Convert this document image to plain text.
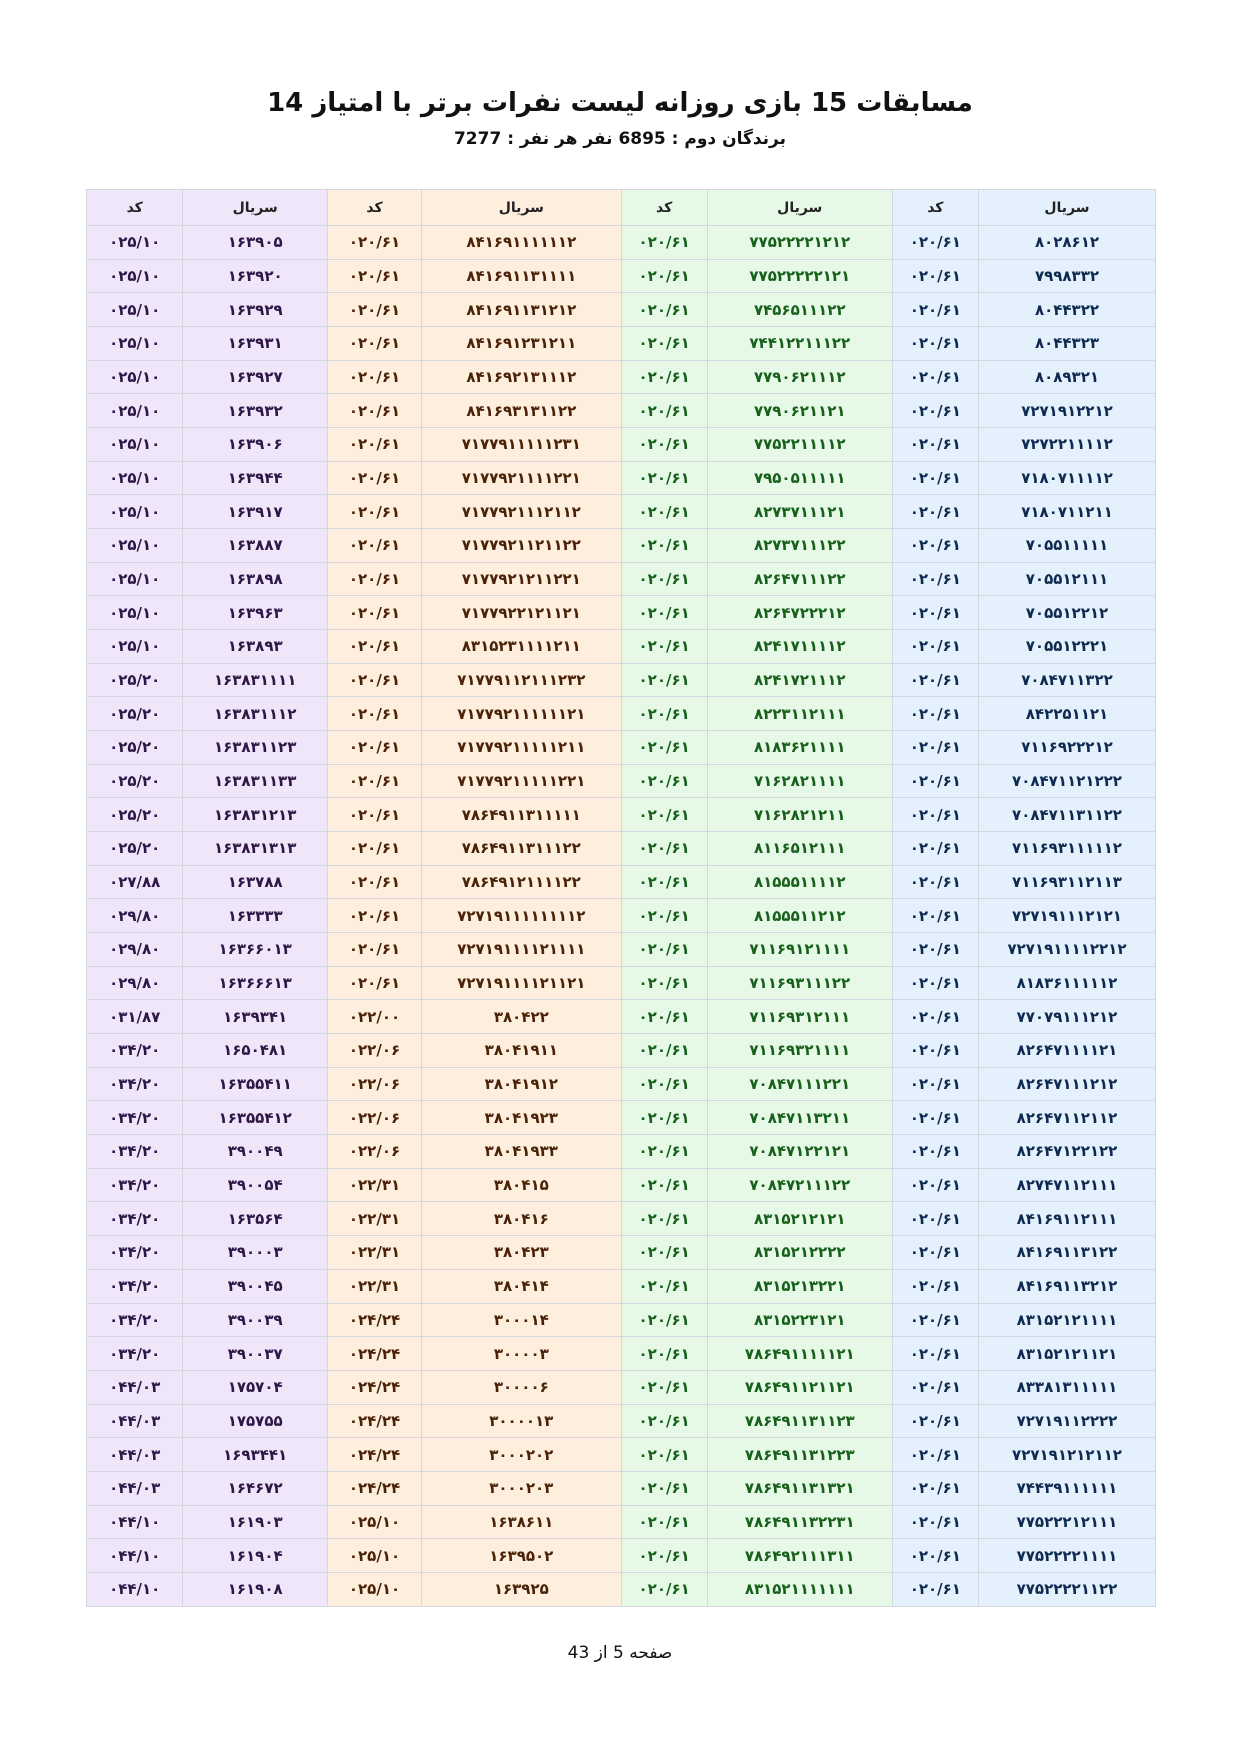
مسابقات 15 بازی روزانه لیست نفرات برتر با امتیاز 14
برندگان دوم : 6895 نفر هر نفر : 7277
سریال	کد	سریال	کد	سریال	کد	سریال	کد
۸۰۲۸۶۱۲	۰۲۰/۶۱	۷۷۵۲۲۲۲۱۲۱۲	۰۲۰/۶۱	۸۴۱۶۹۱۱۱۱۱۱۲	۰۲۰/۶۱	۱۶۳۹۰۵	۰۲۵/۱۰
۷۹۹۸۳۳۲	۰۲۰/۶۱	۷۷۵۲۲۲۲۲۱۲۱	۰۲۰/۶۱	۸۴۱۶۹۱۱۳۱۱۱۱	۰۲۰/۶۱	۱۶۳۹۲۰	۰۲۵/۱۰
۸۰۴۴۳۲۲	۰۲۰/۶۱	۷۴۵۶۵۱۱۱۲۲	۰۲۰/۶۱	۸۴۱۶۹۱۱۳۱۲۱۲	۰۲۰/۶۱	۱۶۳۹۲۹	۰۲۵/۱۰
۸۰۴۴۳۲۳	۰۲۰/۶۱	۷۴۴۱۲۲۱۱۱۲۲	۰۲۰/۶۱	۸۴۱۶۹۱۲۳۱۲۱۱	۰۲۰/۶۱	۱۶۳۹۳۱	۰۲۵/۱۰
۸۰۸۹۳۲۱	۰۲۰/۶۱	۷۷۹۰۶۲۱۱۱۲	۰۲۰/۶۱	۸۴۱۶۹۲۱۳۱۱۱۲	۰۲۰/۶۱	۱۶۳۹۲۷	۰۲۵/۱۰
۷۲۷۱۹۱۲۲۱۲	۰۲۰/۶۱	۷۷۹۰۶۲۱۱۲۱	۰۲۰/۶۱	۸۴۱۶۹۳۱۳۱۱۲۲	۰۲۰/۶۱	۱۶۳۹۳۲	۰۲۵/۱۰
۷۲۷۲۲۱۱۱۱۲	۰۲۰/۶۱	۷۷۵۲۲۱۱۱۱۲	۰۲۰/۶۱	۷۱۷۷۹۱۱۱۱۱۲۳۱	۰۲۰/۶۱	۱۶۳۹۰۶	۰۲۵/۱۰
۷۱۸۰۷۱۱۱۱۲	۰۲۰/۶۱	۷۹۵۰۵۱۱۱۱۱	۰۲۰/۶۱	۷۱۷۷۹۲۱۱۱۱۲۲۱	۰۲۰/۶۱	۱۶۳۹۴۴	۰۲۵/۱۰
۷۱۸۰۷۱۱۲۱۱	۰۲۰/۶۱	۸۲۷۳۷۱۱۱۲۱	۰۲۰/۶۱	۷۱۷۷۹۲۱۱۱۲۱۱۲	۰۲۰/۶۱	۱۶۳۹۱۷	۰۲۵/۱۰
۷۰۵۵۱۱۱۱۱	۰۲۰/۶۱	۸۲۷۳۷۱۱۱۲۲	۰۲۰/۶۱	۷۱۷۷۹۲۱۱۲۱۱۲۲	۰۲۰/۶۱	۱۶۳۸۸۷	۰۲۵/۱۰
۷۰۵۵۱۲۱۱۱	۰۲۰/۶۱	۸۲۶۴۷۱۱۱۲۲	۰۲۰/۶۱	۷۱۷۷۹۲۱۲۱۱۲۲۱	۰۲۰/۶۱	۱۶۳۸۹۸	۰۲۵/۱۰
۷۰۵۵۱۲۲۱۲	۰۲۰/۶۱	۸۲۶۴۷۲۲۲۱۲	۰۲۰/۶۱	۷۱۷۷۹۲۲۱۲۱۱۲۱	۰۲۰/۶۱	۱۶۳۹۶۳	۰۲۵/۱۰
۷۰۵۵۱۲۲۲۱	۰۲۰/۶۱	۸۲۴۱۷۱۱۱۱۲	۰۲۰/۶۱	۸۳۱۵۲۳۱۱۱۱۲۱۱	۰۲۰/۶۱	۱۶۳۸۹۳	۰۲۵/۱۰
۷۰۸۴۷۱۱۳۲۲	۰۲۰/۶۱	۸۲۴۱۷۲۱۱۱۲	۰۲۰/۶۱	۷۱۷۷۹۱۱۲۱۱۱۲۳۲	۰۲۰/۶۱	۱۶۳۸۳۱۱۱۱	۰۲۵/۲۰
۸۴۲۲۵۱۱۲۱	۰۲۰/۶۱	۸۲۲۳۱۱۲۱۱۱	۰۲۰/۶۱	۷۱۷۷۹۲۱۱۱۱۱۱۲۱	۰۲۰/۶۱	۱۶۳۸۳۱۱۱۲	۰۲۵/۲۰
۷۱۱۶۹۲۲۲۱۲	۰۲۰/۶۱	۸۱۸۳۶۲۱۱۱۱	۰۲۰/۶۱	۷۱۷۷۹۲۱۱۱۱۱۲۱۱	۰۲۰/۶۱	۱۶۳۸۳۱۱۲۳	۰۲۵/۲۰
۷۰۸۴۷۱۱۲۱۲۲۲	۰۲۰/۶۱	۷۱۶۲۸۲۱۱۱۱	۰۲۰/۶۱	۷۱۷۷۹۲۱۱۱۱۱۲۲۱	۰۲۰/۶۱	۱۶۳۸۳۱۱۳۳	۰۲۵/۲۰
۷۰۸۴۷۱۱۳۱۱۲۲	۰۲۰/۶۱	۷۱۶۲۸۲۱۲۱۱	۰۲۰/۶۱	۷۸۶۴۹۱۱۳۱۱۱۱۱	۰۲۰/۶۱	۱۶۳۸۳۱۲۱۳	۰۲۵/۲۰
۷۱۱۶۹۳۱۱۱۱۱۲	۰۲۰/۶۱	۸۱۱۶۵۱۲۱۱۱	۰۲۰/۶۱	۷۸۶۴۹۱۱۳۱۱۱۲۲	۰۲۰/۶۱	۱۶۳۸۳۱۳۱۳	۰۲۵/۲۰
۷۱۱۶۹۳۱۱۲۱۱۳	۰۲۰/۶۱	۸۱۵۵۵۱۱۱۱۲	۰۲۰/۶۱	۷۸۶۴۹۱۲۱۱۱۱۲۲	۰۲۰/۶۱	۱۶۳۷۸۸	۰۲۷/۸۸
۷۲۷۱۹۱۱۱۲۱۲۱	۰۲۰/۶۱	۸۱۵۵۵۱۱۲۱۲	۰۲۰/۶۱	۷۲۷۱۹۱۱۱۱۱۱۱۱۲	۰۲۰/۶۱	۱۶۳۳۳۳	۰۲۹/۸۰
۷۲۷۱۹۱۱۱۱۲۲۱۲	۰۲۰/۶۱	۷۱۱۶۹۱۲۱۱۱۱	۰۲۰/۶۱	۷۲۷۱۹۱۱۱۱۲۱۱۱۱	۰۲۰/۶۱	۱۶۳۶۶۰۱۳	۰۲۹/۸۰
۸۱۸۳۶۱۱۱۱۱۲	۰۲۰/۶۱	۷۱۱۶۹۳۱۱۱۲۲	۰۲۰/۶۱	۷۲۷۱۹۱۱۱۱۲۱۱۲۱	۰۲۰/۶۱	۱۶۳۶۶۶۱۳	۰۲۹/۸۰
۷۷۰۷۹۱۱۱۲۱۲	۰۲۰/۶۱	۷۱۱۶۹۳۱۲۱۱۱	۰۲۰/۶۱	۳۸۰۴۲۲	۰۲۲/۰۰	۱۶۳۹۳۴۱	۰۳۱/۸۷
۸۲۶۴۷۱۱۱۱۲۱	۰۲۰/۶۱	۷۱۱۶۹۳۲۱۱۱۱	۰۲۰/۶۱	۳۸۰۴۱۹۱۱	۰۲۲/۰۶	۱۶۵۰۴۸۱	۰۳۴/۲۰
۸۲۶۴۷۱۱۱۲۱۲	۰۲۰/۶۱	۷۰۸۴۷۱۱۱۲۲۱	۰۲۰/۶۱	۳۸۰۴۱۹۱۲	۰۲۲/۰۶	۱۶۳۵۵۴۱۱	۰۳۴/۲۰
۸۲۶۴۷۱۱۲۱۱۲	۰۲۰/۶۱	۷۰۸۴۷۱۱۳۲۱۱	۰۲۰/۶۱	۳۸۰۴۱۹۲۳	۰۲۲/۰۶	۱۶۳۵۵۴۱۲	۰۳۴/۲۰
۸۲۶۴۷۱۲۲۱۲۲	۰۲۰/۶۱	۷۰۸۴۷۱۲۲۱۲۱	۰۲۰/۶۱	۳۸۰۴۱۹۳۳	۰۲۲/۰۶	۳۹۰۰۴۹	۰۳۴/۲۰
۸۲۷۴۷۱۱۲۱۱۱	۰۲۰/۶۱	۷۰۸۴۷۲۱۱۱۲۲	۰۲۰/۶۱	۳۸۰۴۱۵	۰۲۲/۳۱	۳۹۰۰۵۴	۰۳۴/۲۰
۸۴۱۶۹۱۱۲۱۱۱	۰۲۰/۶۱	۸۳۱۵۲۱۲۱۲۱	۰۲۰/۶۱	۳۸۰۴۱۶	۰۲۲/۳۱	۱۶۳۵۶۴	۰۳۴/۲۰
۸۴۱۶۹۱۱۳۱۲۲	۰۲۰/۶۱	۸۳۱۵۲۱۲۲۲۲	۰۲۰/۶۱	۳۸۰۴۲۳	۰۲۲/۳۱	۳۹۰۰۰۳	۰۳۴/۲۰
۸۴۱۶۹۱۱۳۲۱۲	۰۲۰/۶۱	۸۳۱۵۲۱۳۲۲۱	۰۲۰/۶۱	۳۸۰۴۱۴	۰۲۲/۳۱	۳۹۰۰۴۵	۰۳۴/۲۰
۸۳۱۵۲۱۲۱۱۱۱	۰۲۰/۶۱	۸۳۱۵۲۲۳۱۲۱	۰۲۰/۶۱	۳۰۰۰۱۴	۰۲۴/۲۴	۳۹۰۰۳۹	۰۳۴/۲۰
۸۳۱۵۲۱۲۱۱۲۱	۰۲۰/۶۱	۷۸۶۴۹۱۱۱۱۱۲۱	۰۲۰/۶۱	۳۰۰۰۰۳	۰۲۴/۲۴	۳۹۰۰۳۷	۰۳۴/۲۰
۸۳۳۸۱۳۱۱۱۱۱	۰۲۰/۶۱	۷۸۶۴۹۱۱۲۱۱۲۱	۰۲۰/۶۱	۳۰۰۰۰۶	۰۲۴/۲۴	۱۷۵۷۰۴	۰۴۴/۰۳
۷۲۷۱۹۱۱۲۲۲۲	۰۲۰/۶۱	۷۸۶۴۹۱۱۳۱۱۲۳	۰۲۰/۶۱	۳۰۰۰۰۱۳	۰۲۴/۲۴	۱۷۵۷۵۵	۰۴۴/۰۳
۷۲۷۱۹۱۲۱۲۱۱۲	۰۲۰/۶۱	۷۸۶۴۹۱۱۳۱۲۲۳	۰۲۰/۶۱	۳۰۰۰۲۰۲	۰۲۴/۲۴	۱۶۹۳۴۴۱	۰۴۴/۰۳
۷۴۴۳۹۱۱۱۱۱۱	۰۲۰/۶۱	۷۸۶۴۹۱۱۳۱۳۲۱	۰۲۰/۶۱	۳۰۰۰۲۰۳	۰۲۴/۲۴	۱۶۴۶۷۲	۰۴۴/۰۳
۷۷۵۲۲۲۱۲۱۱۱	۰۲۰/۶۱	۷۸۶۴۹۱۱۳۲۲۳۱	۰۲۰/۶۱	۱۶۳۸۶۱۱	۰۲۵/۱۰	۱۶۱۹۰۳	۰۴۴/۱۰
۷۷۵۲۲۲۲۱۱۱۱	۰۲۰/۶۱	۷۸۶۴۹۲۱۱۱۳۱۱	۰۲۰/۶۱	۱۶۳۹۵۰۲	۰۲۵/۱۰	۱۶۱۹۰۴	۰۴۴/۱۰
۷۷۵۲۲۲۲۱۱۲۲	۰۲۰/۶۱	۸۳۱۵۲۱۱۱۱۱۱۱	۰۲۰/۶۱	۱۶۳۹۲۵	۰۲۵/۱۰	۱۶۱۹۰۸	۰۴۴/۱۰
صفحه 5 از 43
